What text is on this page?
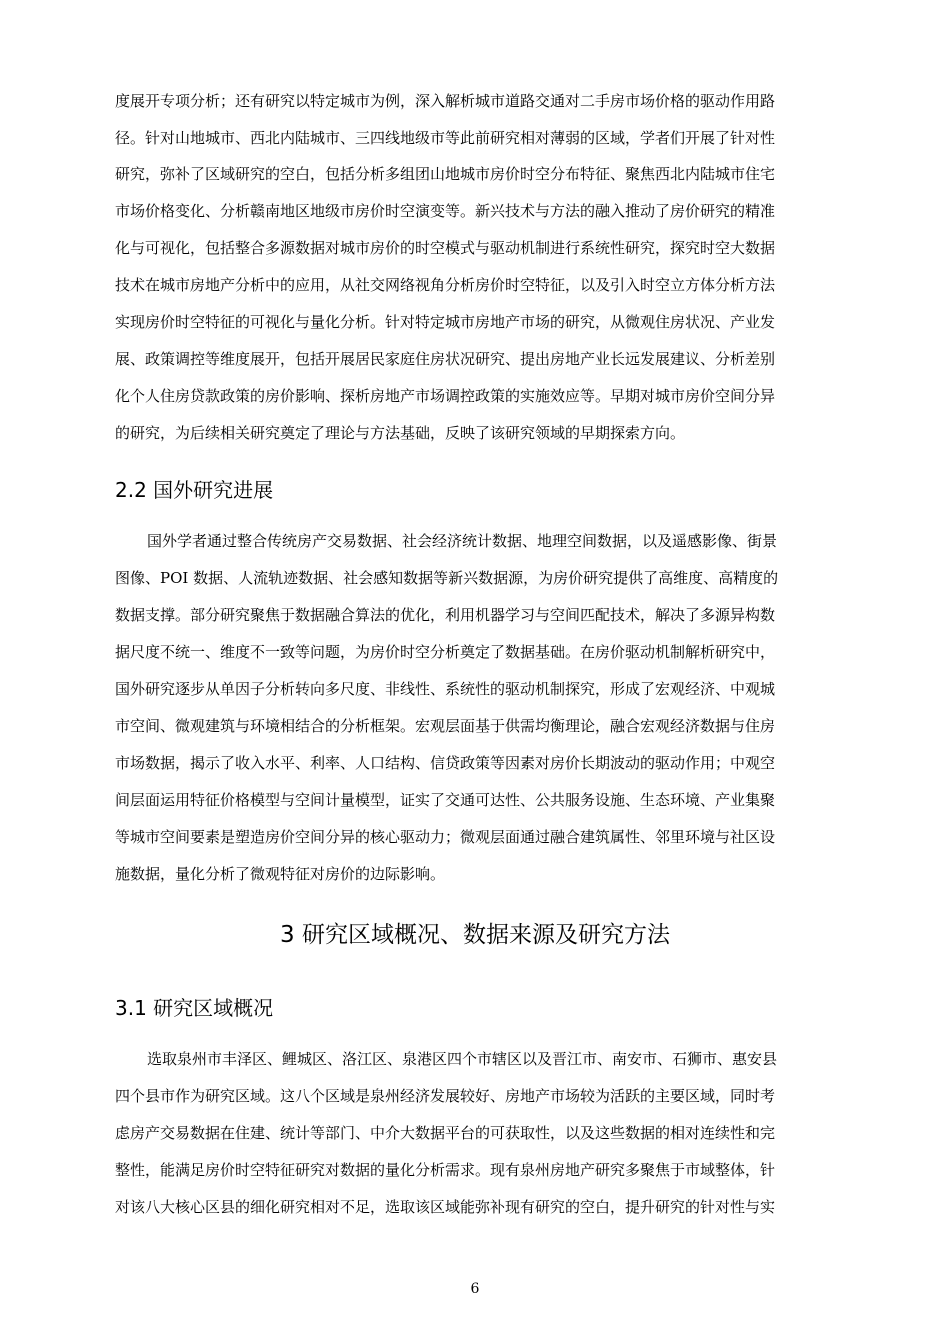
度展开专项分析；还有研究以特定城市为例，深入解析城市道路交通对二手房市场价格的驱动作用路
径。针对山地城市、西北内陆城市、三四线地级市等此前研究相对薄弱的区域，学者们开展了针对性
研究，弥补了区域研究的空白，包括分析多组团山地城市房价时空分布特征、聚焦西北内陆城市住宅
市场价格变化、分析赣南地区地级市房价时空演变等。新兴技术与方法的融入推动了房价研究的精准
化与可视化，包括整合多源数据对城市房价的时空模式与驱动机制进行系统性研究，探究时空大数据
技术在城市房地产分析中的应用，从社交网络视角分析房价时空特征，以及引入时空立方体分析方法
实现房价时空特征的可视化与量化分析。针对特定城市房地产市场的研究，从微观住房状况、产业发
展、政策调控等维度展开，包括开展居民家庭住房状况研究、提出房地产业长远发展建议、分析差别
化个人住房贷款政策的房价影响、探析房地产市场调控政策的实施效应等。早期对城市房价空间分异
的研究，为后续相关研究奠定了理论与方法基础，反映了该研究领域的早期探索方向。
2.2 国外研究进展
国外学者通过整合传统房产交易数据、社会经济统计数据、地理空间数据，以及遥感影像、街景
图像、POI 数据、人流轨迹数据、社会感知数据等新兴数据源，为房价研究提供了高维度、高精度的
数据支撑。部分研究聚焦于数据融合算法的优化，利用机器学习与空间匹配技术，解决了多源异构数
据尺度不统一、维度不一致等问题，为房价时空分析奠定了数据基础。在房价驱动机制解析研究中，
国外研究逐步从单因子分析转向多尺度、非线性、系统性的驱动机制探究，形成了宏观经济、中观城
市空间、微观建筑与环境相结合的分析框架。宏观层面基于供需均衡理论，融合宏观经济数据与住房
市场数据，揭示了收入水平、利率、人口结构、信贷政策等因素对房价长期波动的驱动作用；中观空
间层面运用特征价格模型与空间计量模型，证实了交通可达性、公共服务设施、生态环境、产业集聚
等城市空间要素是塑造房价空间分异的核心驱动力；微观层面通过融合建筑属性、邻里环境与社区设
施数据，量化分析了微观特征对房价的边际影响。
3 研究区域概况、数据来源及研究方法
3.1 研究区域概况
选取泉州市丰泽区、鲤城区、洛江区、泉港区四个市辖区以及晋江市、南安市、石狮市、惠安县
四个县市作为研究区域。这八个区域是泉州经济发展较好、房地产市场较为活跃的主要区域，同时考
虑房产交易数据在住建、统计等部门、中介大数据平台的可获取性，以及这些数据的相对连续性和完
整性，能满足房价时空特征研究对数据的量化分析需求。现有泉州房地产研究多聚焦于市域整体，针
对该八大核心区县的细化研究相对不足，选取该区域能弥补现有研究的空白，提升研究的针对性与实
6
